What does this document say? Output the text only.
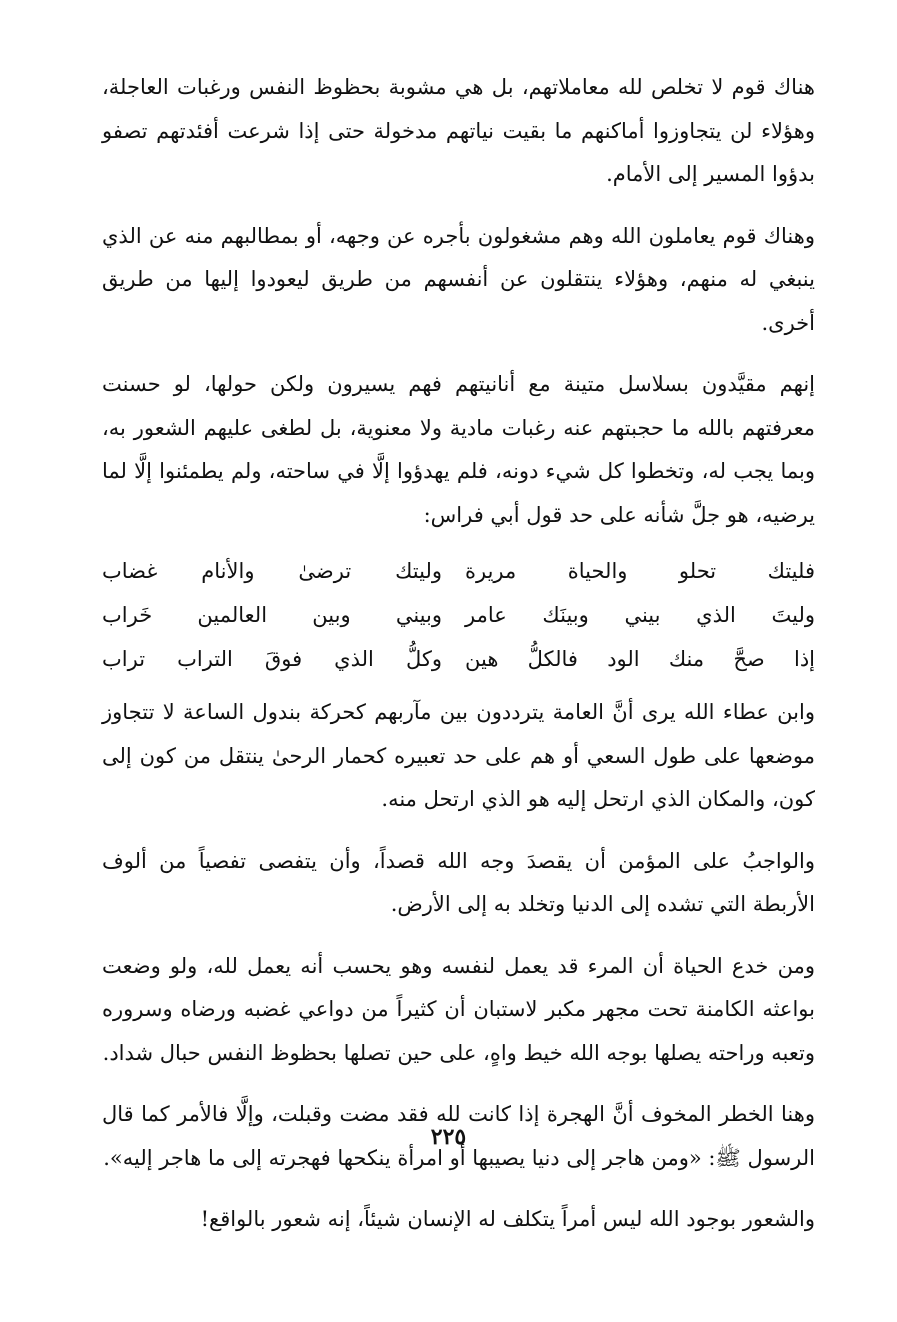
هناك قوم لا تخلص لله معاملاتهم، بل هي مشوبة بحظوظ النفس ورغبات العاجلة، وهؤلاء لن يتجاوزوا أماكنهم ما بقيت نياتهم مدخولة حتى إذا شرعت أفئدتهم تصفو بدؤوا المسير إلى الأمام.

وهناك قوم يعاملون الله وهم مشغولون بأجره عن وجهه، أو بمطالبهم منه عن الذي ينبغي له منهم، وهؤلاء ينتقلون عن أنفسهم من طريق ليعودوا إليها من طريق أخرى.

إنهم مقيَّدون بسلاسل متينة مع أنانيتهم فهم يسيرون ولكن حولها، لو حسنت معرفتهم بالله ما حجبتهم عنه رغبات مادية ولا معنوية، بل لطغى عليهم الشعور به، وبما يجب له، وتخطوا كل شيء دونه، فلم يهدؤوا إلَّا في ساحته، ولم يطمئنوا إلَّا لما يرضيه، هو جلَّ شأنه على حد قول أبي فراس:

فليتك تحلو والحياة مريرة
وليتك ترضىٰ والأنام غضاب
وليتَ الذي بيني وبينَك عامر
وبيني وبين العالمين خَراب
إذا صحَّ منك الود فالكلُّ هين
وكلُّ الذي فوقَ التراب تراب

وابن عطاء الله يرى أنَّ العامة يترددون بين مآربهم كحركة بندول الساعة لا تتجاوز موضعها على طول السعي أو هم على حد تعبيره كحمار الرحىٰ ينتقل من كون إلى كون، والمكان الذي ارتحل إليه هو الذي ارتحل منه.

والواجبُ على المؤمن أن يقصدَ وجه الله قصداً، وأن يتفصى تفصياً من ألوف الأربطة التي تشده إلى الدنيا وتخلد به إلى الأرض.

ومن خدع الحياة أن المرء قد يعمل لنفسه وهو يحسب أنه يعمل لله، ولو وضعت بواعثه الكامنة تحت مجهر مكبر لاستبان أن كثيراً من دواعي غضبه ورضاه وسروره وتعبه وراحته يصلها بوجه الله خيط واهٍ، على حين تصلها بحظوظ النفس حبال شداد.

وهنا الخطر المخوف أنَّ الهجرة إذا كانت لله فقد مضت وقبلت، وإلَّا فالأمر كما قال الرسول ﷺ: «ومن هاجر إلى دنيا يصيبها أو امرأة ينكحها فهجرته إلى ما هاجر إليه».

والشعور بوجود الله ليس أمراً يتكلف له الإنسان شيئاً، إنه شعور بالواقع!

٢٢٥
